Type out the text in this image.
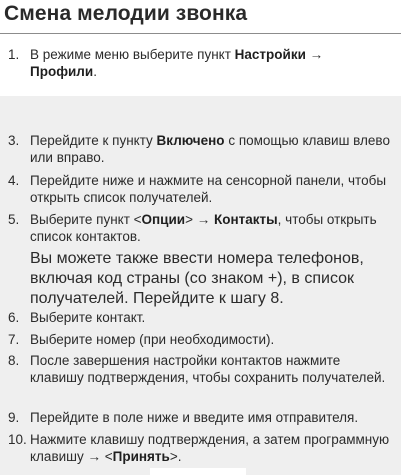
Смена мелодии звонка
1. В режиме меню выберите пункт Настройки →
Профили.
3. Перейдите к пункту Включено с помощью клавиш влево или вправо.
4. Перейдите ниже и нажмите на сенсорной панели, чтобы открыть список получателей.
5. Выберите пункт <Опции> → Контакты, чтобы открыть список контактов.
Вы можете также ввести номера телефонов, включая код страны (со знаком +), в список получателей. Перейдите к шагу 8.
6. Выберите контакт.
7. Выберите номер (при необходимости).
8. После завершения настройки контактов нажмите клавишу подтверждения, чтобы сохранить получателей.
9. Перейдите в поле ниже и введите имя отправителя.
10. Нажмите клавишу подтверждения, а затем программную клавишу → <Принять>.
